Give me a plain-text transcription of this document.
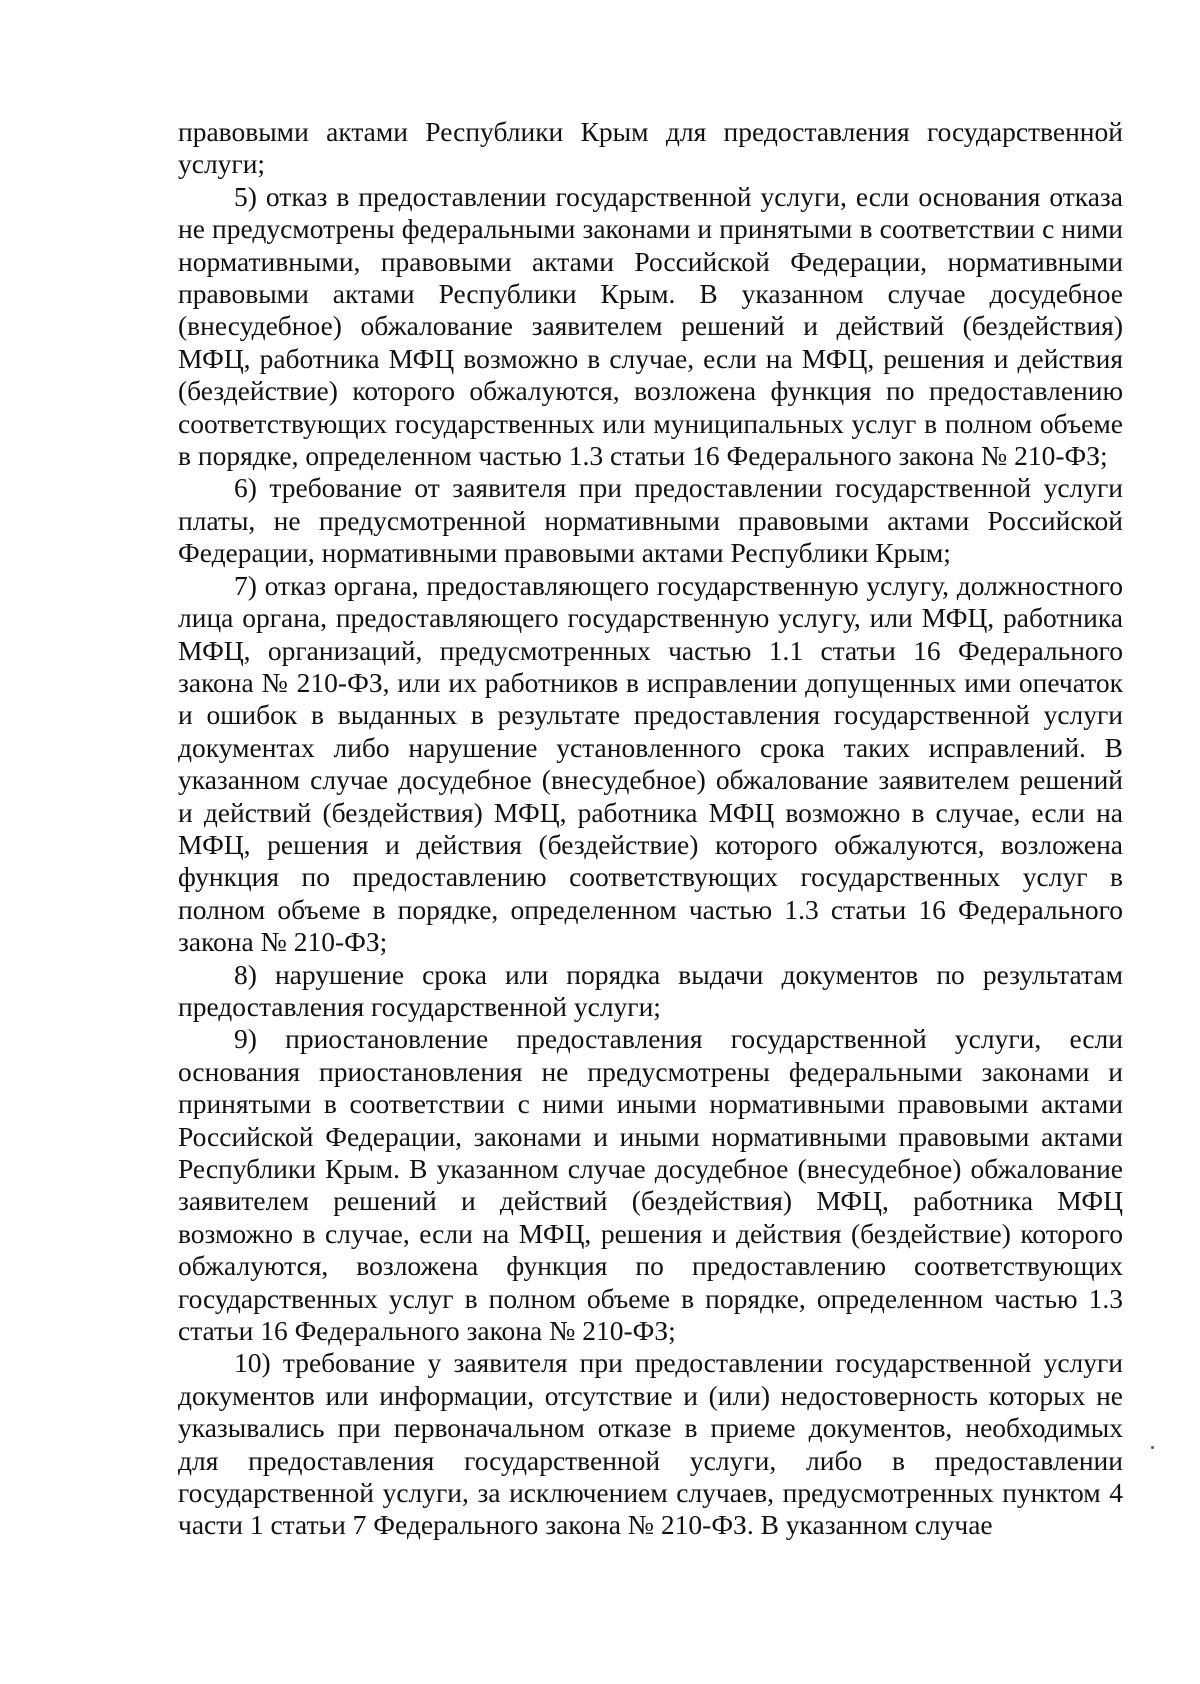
правовыми актами Республики Крым для предоставления государственной услуги;

5) отказ в предоставлении государственной услуги, если основания отказа не предусмотрены федеральными законами и принятыми в соответствии с ними нормативными, правовыми актами Российской Федерации, нормативными правовыми актами Республики Крым. В указанном случае досудебное (внесудебное) обжалование заявителем решений и действий (бездействия) МФЦ, работника МФЦ возможно в случае, если на МФЦ, решения и действия (бездействие) которого обжалуются, возложена функция по предоставлению соответствующих государственных или муниципальных услуг в полном объеме в порядке, определенном частью 1.3 статьи 16 Федерального закона № 210-ФЗ;

6) требование от заявителя при предоставлении государственной услуги платы, не предусмотренной нормативными правовыми актами Российской Федерации, нормативными правовыми актами Республики Крым;

7) отказ органа, предоставляющего государственную услугу, должностного лица органа, предоставляющего государственную услугу, или МФЦ, работника МФЦ, организаций, предусмотренных частью 1.1 статьи 16 Федерального закона № 210-ФЗ, или их работников в исправлении допущенных ими опечаток и ошибок в выданных в результате предоставления государственной услуги документах либо нарушение установленного срока таких исправлений. В указанном случае досудебное (внесудебное) обжалование заявителем решений и действий (бездействия) МФЦ, работника МФЦ возможно в случае, если на МФЦ, решения и действия (бездействие) которого обжалуются, возложена функция по предоставлению соответствующих государственных услуг в полном объеме в порядке, определенном частью 1.3 статьи 16 Федерального закона № 210-ФЗ;

8) нарушение срока или порядка выдачи документов по результатам предоставления государственной услуги;

9) приостановление предоставления государственной услуги, если основания приостановления не предусмотрены федеральными законами и принятыми в соответствии с ними иными нормативными правовыми актами Российской Федерации, законами и иными нормативными правовыми актами Республики Крым. В указанном случае досудебное (внесудебное) обжалование заявителем решений и действий (бездействия) МФЦ, работника МФЦ возможно в случае, если на МФЦ, решения и действия (бездействие) которого обжалуются, возложена функция по предоставлению соответствующих государственных услуг в полном объеме в порядке, определенном частью 1.3 статьи 16 Федерального закона № 210-ФЗ;

10) требование у заявителя при предоставлении государственной услуги документов или информации, отсутствие и (или) недостоверность которых не указывались при первоначальном отказе в приеме документов, необходимых для предоставления государственной услуги, либо в предоставлении государственной услуги, за исключением случаев, предусмотренных пунктом 4 части 1 статьи 7 Федерального закона № 210-ФЗ. В указанном случае
